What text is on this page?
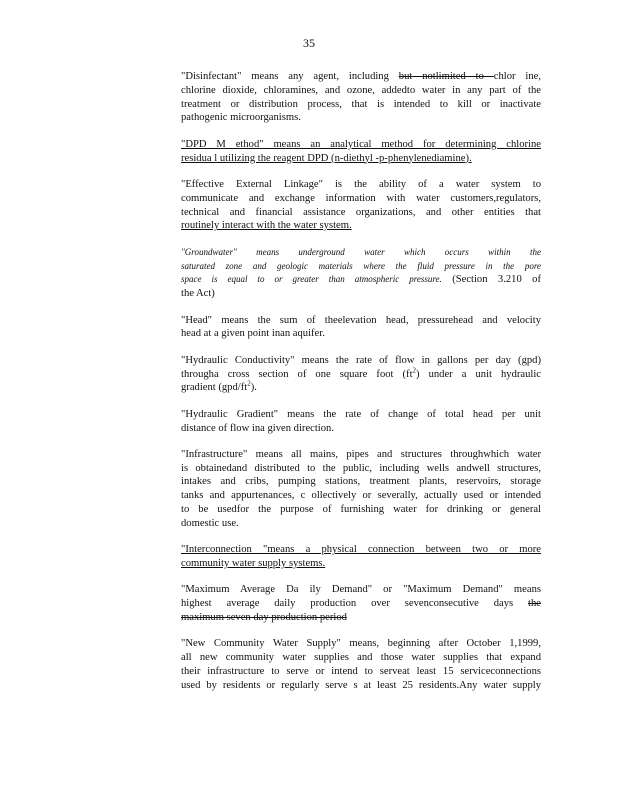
35

"Disinfectant" means any agent, including but notlimited to chlor ine,
chlorine dioxide, chloramines, and ozone, addedto water in any part of the
treatment or distribution process, that is intended to kill or inactivate
pathogenic microorganisms.

"DPD M ethod" means an analytical method for determining chlorine
residua l utilizing the reagent DPD (n-diethyl -p-phenylenediamine).

"Effective External Linkage" is the ability of a water system to
communicate and exchange information with water customers,regulators,
technical and financial assistance organizations, and other entities that
routinely interact with the water system.

"Groundwater" means underground water which occurs within the
saturated zone and geologic materials where the fluid pressure in the pore
space is equal to or greater than atmospheric pressure. (Section 3.210 of
the Act)

"Head" means the sum of theelevation head, pressurehead and velocity
head at a given point inan aquifer.

"Hydraulic Conductivity" means the rate of flow in gallons per day (gpd)
througha cross section of one square foot $(ft^2)$ under a unit hydraulic
gradient $(gpd/ft^2)$.

"Hydraulic Gradient" means the rate of change of total head per unit
distance of flow ina given direction.

"Infrastructure" means all mains, pipes and structures throughwhich water
is obtainedand distributed to the public, including wells andwell structures,
intakes and cribs, pumping stations, treatment plants, reservoirs, storage
tanks and appurtenances, c ollectively or severally, actually used or intended
to be usedfor the purpose of furnishing water for drinking or general
domestic use.

"Interconnection "means a physical connection between two or more
community water supply systems.

"Maximum Average Da ily Demand" or "Maximum Demand" means
highest average daily production over sevenconsecutive days the
maximum seven day production period

"New Community Water Supply" means, beginning after October 1,1999,
all new community water supplies and those water supplies that expand
their infrastructure to serve or intend to serveat least 15 serviceconnections
used by residents or regularly serve s at least 25 residents.Any water supply
